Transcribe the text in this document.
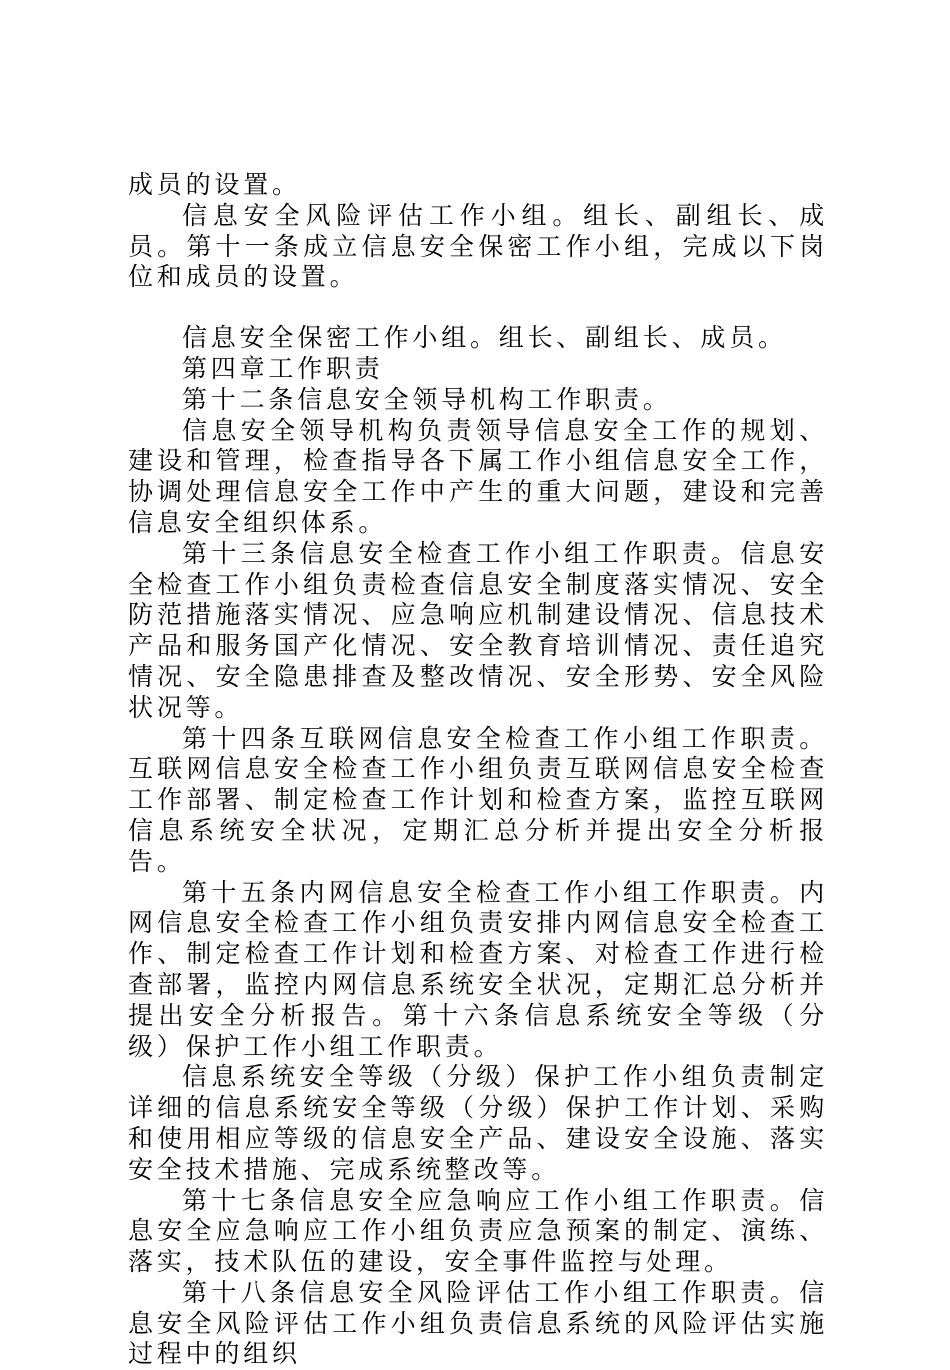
成员的设置。

信息安全风险评估工作小组。组长、副组长、成员。第十一条成立信息安全保密工作小组，完成以下岗位和成员的设置。

信息安全保密工作小组。组长、副组长、成员。

第四章工作职责

第十二条信息安全领导机构工作职责。

信息安全领导机构负责领导信息安全工作的规划、建设和管理，检查指导各下属工作小组信息安全工作，协调处理信息安全工作中产生的重大问题，建设和完善信息安全组织体系。

第十三条信息安全检查工作小组工作职责。信息安全检查工作小组负责检查信息安全制度落实情况、安全防范措施落实情况、应急响应机制建设情况、信息技术产品和服务国产化情况、安全教育培训情况、责任追究情况、安全隐患排查及整改情况、安全形势、安全风险状况等。

第十四条互联网信息安全检查工作小组工作职责。互联网信息安全检查工作小组负责互联网信息安全检查工作部署、制定检查工作计划和检查方案，监控互联网信息系统安全状况，定期汇总分析并提出安全分析报告。

第十五条内网信息安全检查工作小组工作职责。内网信息安全检查工作小组负责安排内网信息安全检查工作、制定检查工作计划和检查方案、对检查工作进行检查部署，监控内网信息系统安全状况，定期汇总分析并提出安全分析报告。第十六条信息系统安全等级（分级）保护工作小组工作职责。

信息系统安全等级（分级）保护工作小组负责制定详细的信息系统安全等级（分级）保护工作计划、采购和使用相应等级的信息安全产品、建设安全设施、落实安全技术措施、完成系统整改等。

第十七条信息安全应急响应工作小组工作职责。信息安全应急响应工作小组负责应急预案的制定、演练、落实，技术队伍的建设，安全事件监控与处理。

第十八条信息安全风险评估工作小组工作职责。信息安全风险评估工作小组负责信息系统的风险评估实施过程中的组织
